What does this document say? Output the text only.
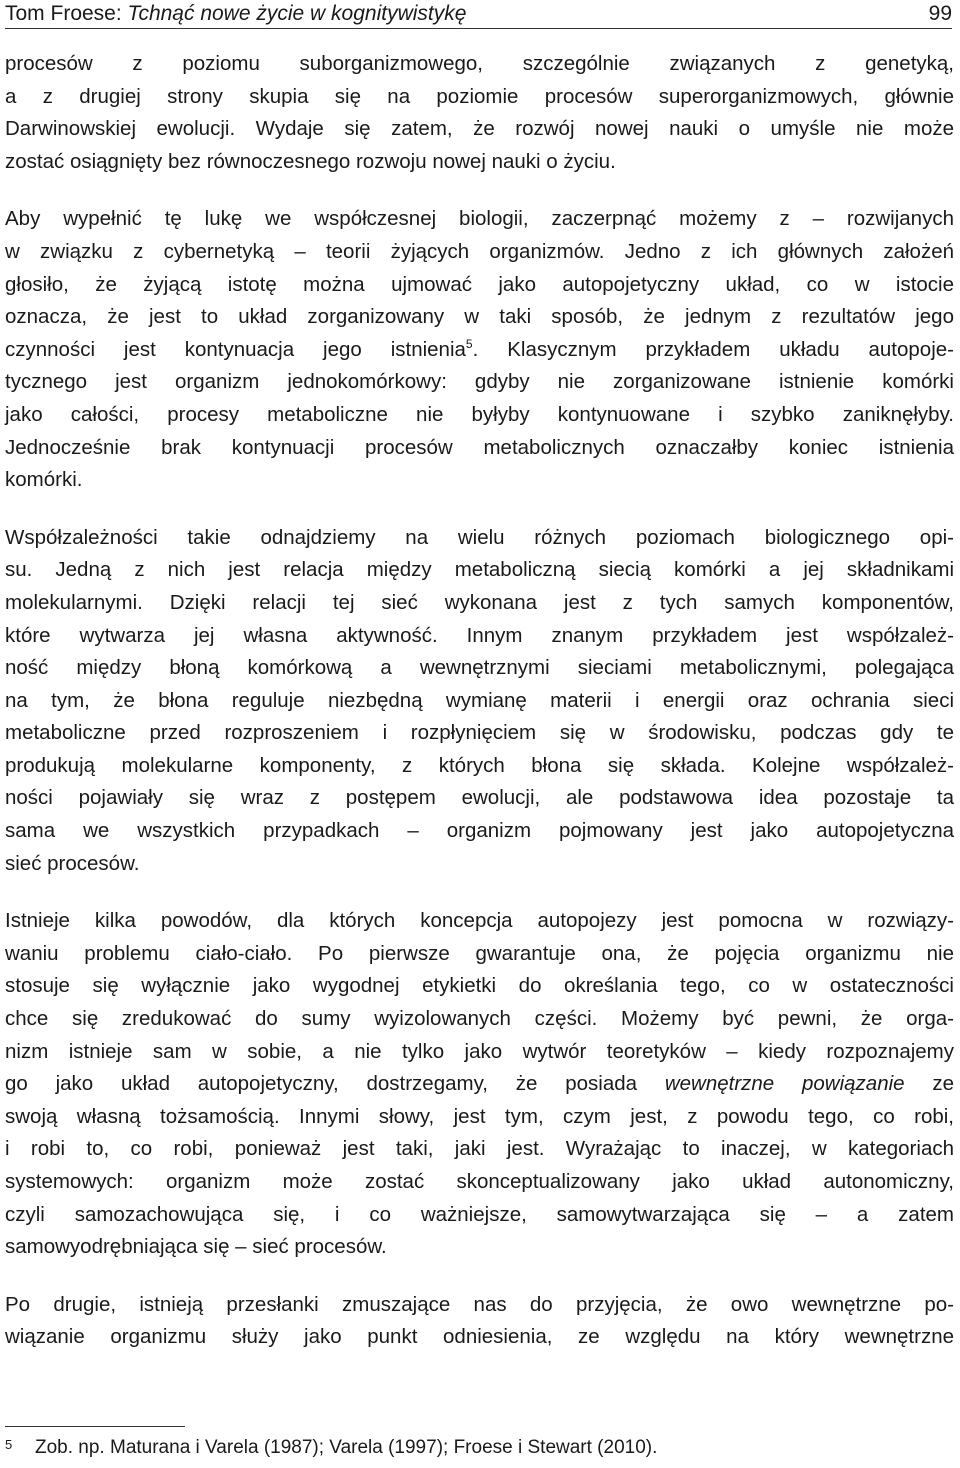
Tom Froese: Tchnąć nowe życie w kognitywistykę	99

procesów z poziomu suborganizmowego, szczególnie związanych z genetyką,
a z drugiej strony skupia się na poziomie procesów superorganizmowych, głównie
Darwinowskiej ewolucji. Wydaje się zatem, że rozwój nowej nauki o umyśle nie może
zostać osiągnięty bez równoczesnego rozwoju nowej nauki o życiu.

Aby wypełnić tę lukę we współczesnej biologii, zaczerpnąć możemy z – rozwijanych
w związku z cybernetyką – teorii żyjących organizmów. Jedno z ich głównych założeń
głosiło, że żyjącą istotę można ujmować jako autopojetyczny układ, co w istocie
oznacza, że jest to układ zorganizowany w taki sposób, że jednym z rezultatów jego
czynności jest kontynuacja jego istnienia$^5$. Klasycznym przykładem układu autopoje-
tycznego jest organizm jednokomórkowy: gdyby nie zorganizowane istnienie komórki
jako całości, procesy metaboliczne nie byłyby kontynuowane i szybko zaniknęłyby.
Jednocześnie brak kontynuacji procesów metabolicznych oznaczałby koniec istnienia
komórki.

Współzależności takie odnajdziemy na wielu różnych poziomach biologicznego opi-
su. Jedną z nich jest relacja między metaboliczną siecią komórki a jej składnikami
molekularnymi. Dzięki relacji tej sieć wykonana jest z tych samych komponentów,
które wytwarza jej własna aktywność. Innym znanym przykładem jest współzależ-
ność między błoną komórkową a wewnętrznymi sieciami metabolicznymi, polegająca
na tym, że błona reguluje niezbędną wymianę materii i energii oraz ochrania sieci
metaboliczne przed rozproszeniem i rozpłynięciem się w środowisku, podczas gdy te
produkują molekularne komponenty, z których błona się składa. Kolejne współzależ-
ności pojawiały się wraz z postępem ewolucji, ale podstawowa idea pozostaje ta
sama we wszystkich przypadkach – organizm pojmowany jest jako autopojetyczna
sieć procesów.

Istnieje kilka powodów, dla których koncepcja autopojezy jest pomocna w rozwiązy-
waniu problemu ciało-ciało. Po pierwsze gwarantuje ona, że pojęcia organizmu nie
stosuje się wyłącznie jako wygodnej etykietki do określania tego, co w ostateczności
chce się zredukować do sumy wyizolowanych części. Możemy być pewni, że orga-
nizm istnieje sam w sobie, a nie tylko jako wytwór teoretyków – kiedy rozpoznajemy
go jako układ autopojetyczny, dostrzegamy, że posiada wewnętrzne powiązanie ze
swoją własną tożsamością. Innymi słowy, jest tym, czym jest, z powodu tego, co robi,
i robi to, co robi, ponieważ jest taki, jaki jest. Wyrażając to inaczej, w kategoriach
systemowych: organizm może zostać skonceptualizowany jako układ autonomiczny,
czyli samozachowująca się, i co ważniejsze, samowytwarzająca się – a zatem
samowyodrębniająca się – sieć procesów.

Po drugie, istnieją przesłanki zmuszające nas do przyjęcia, że owo wewnętrzne po-
wiązanie organizmu służy jako punkt odniesienia, ze względu na który wewnętrzne

5 Zob. np. Maturana i Varela (1987); Varela (1997); Froese i Stewart (2010).
